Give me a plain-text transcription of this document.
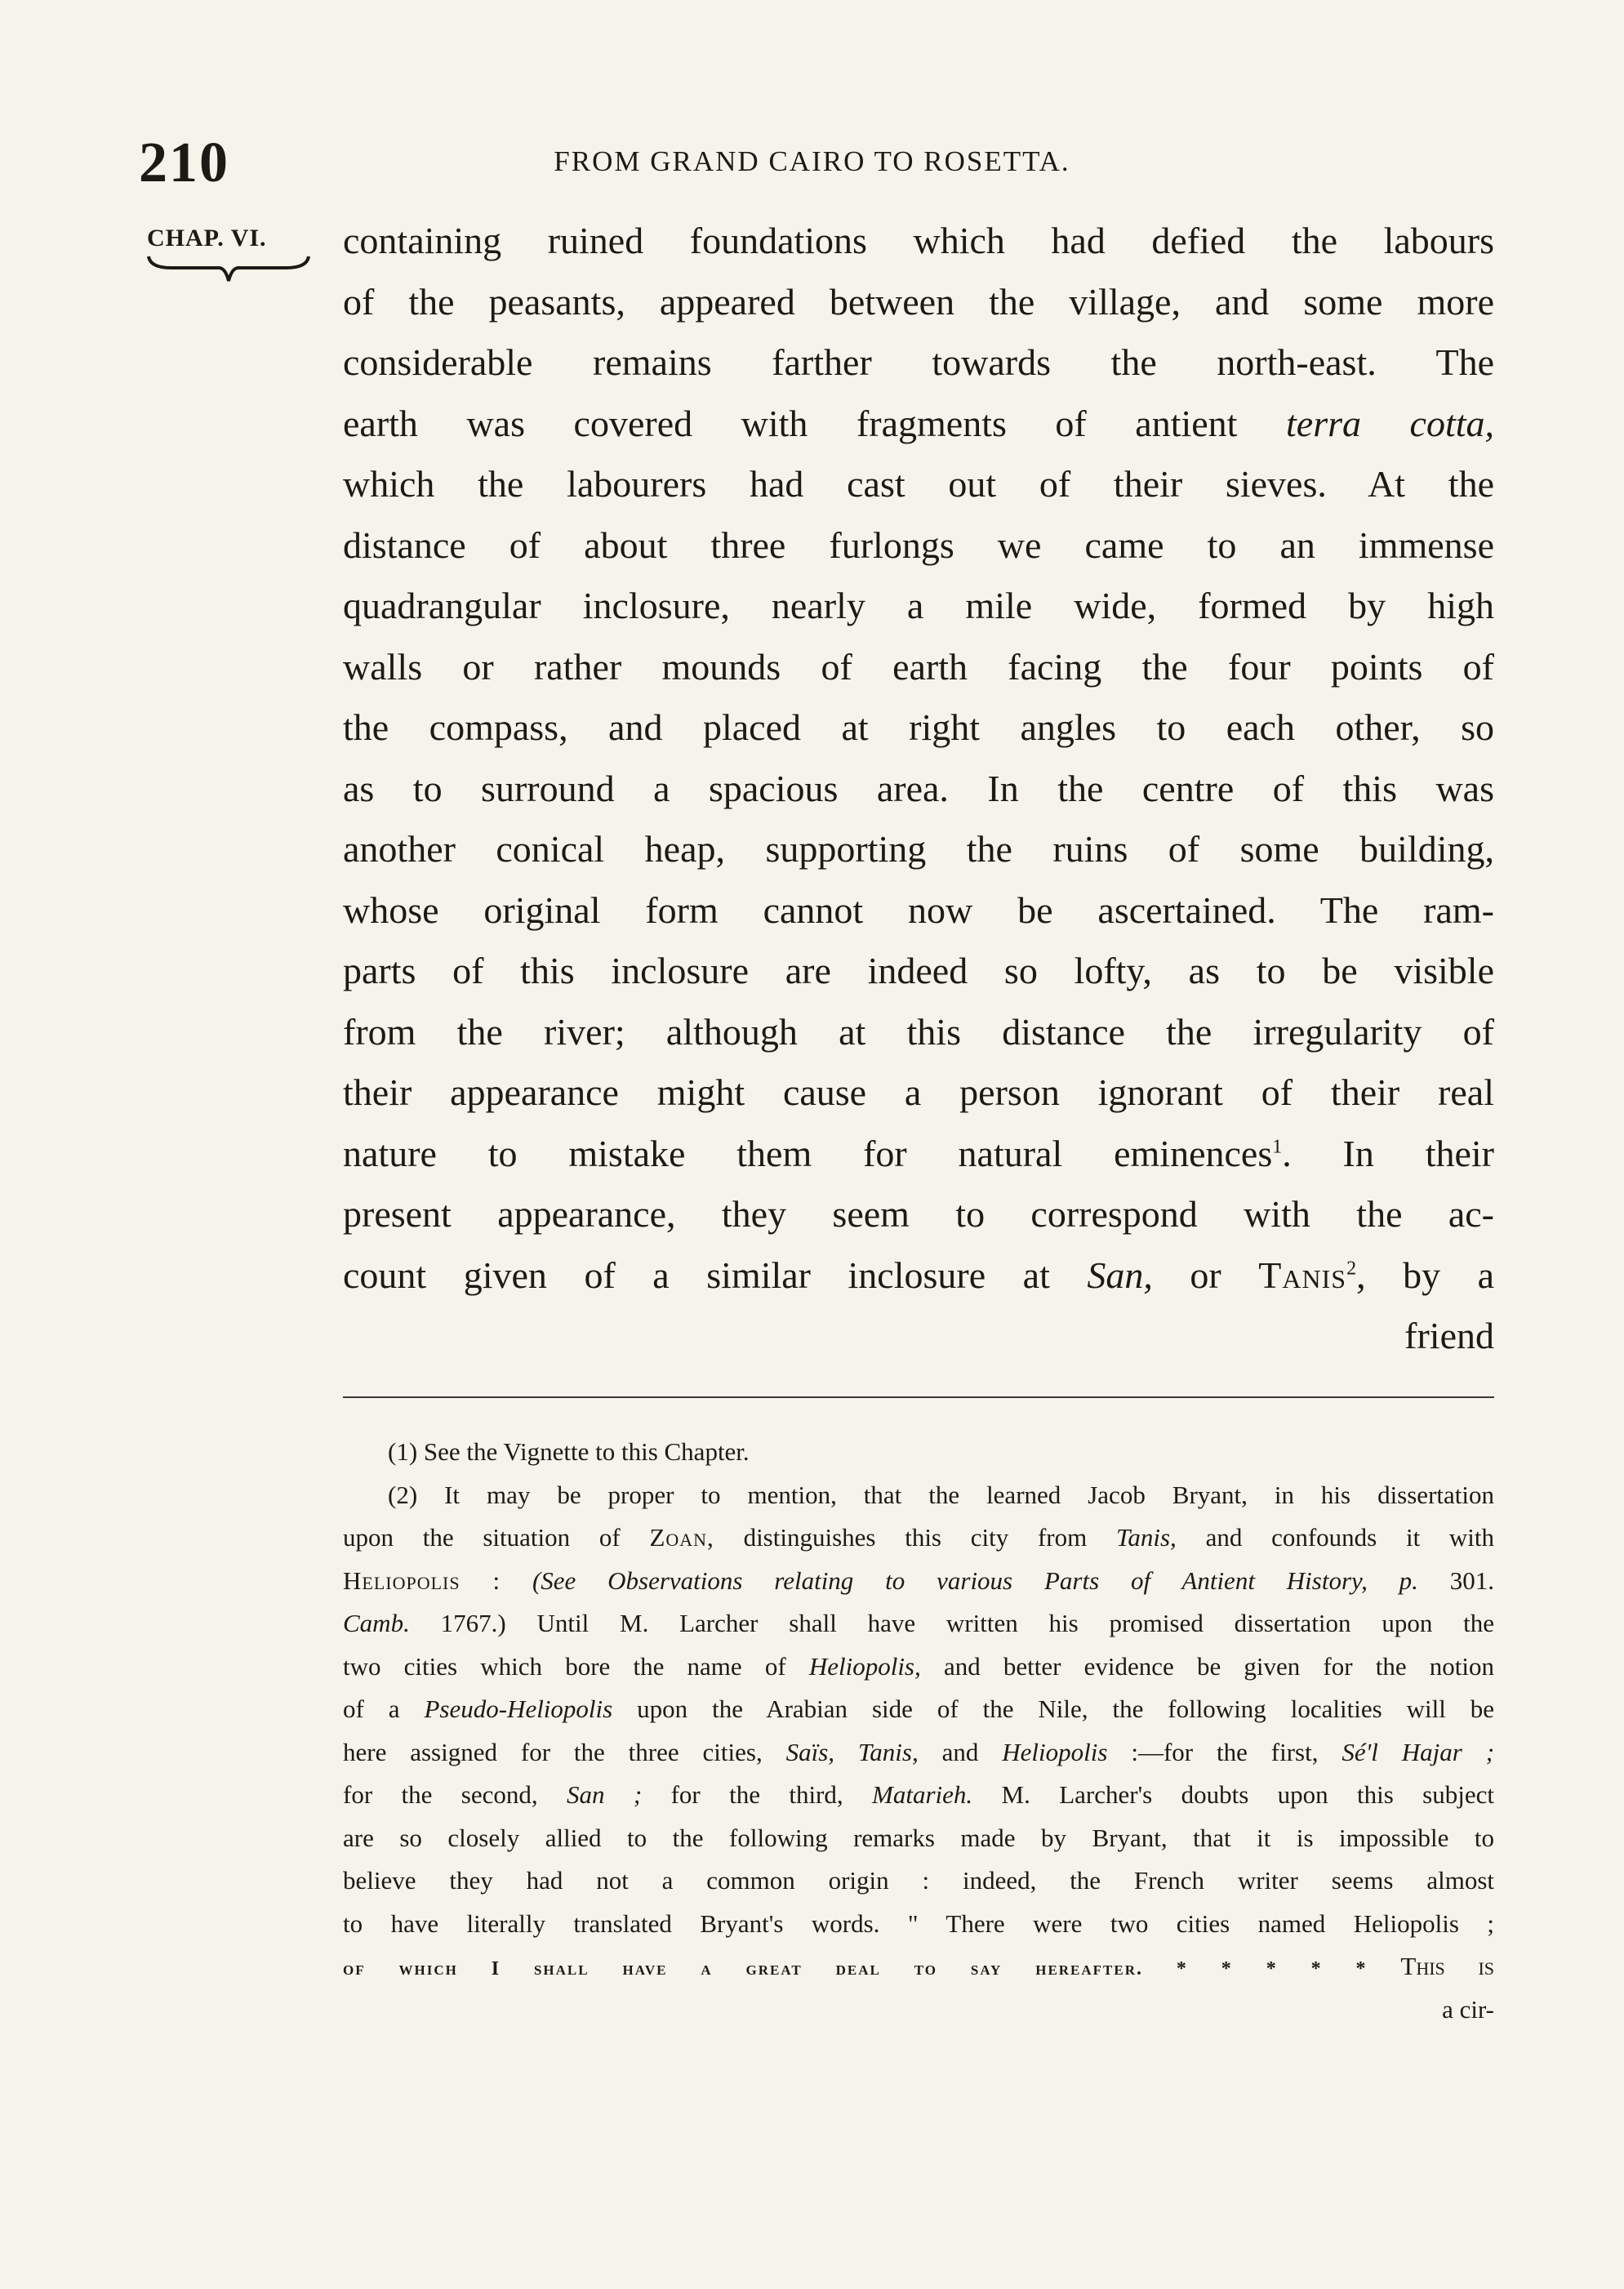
210	FROM GRAND CAIRO TO ROSETTA.
CHAP. VI.	containing ruined foundations which had defied the labours
of the peasants, appeared between the village, and some more
considerable remains farther towards the north-east. The
earth was covered with fragments of antient terra cotta,
which the labourers had cast out of their sieves. At the
distance of about three furlongs we came to an immense
quadrangular inclosure, nearly a mile wide, formed by high
walls or rather mounds of earth facing the four points of
the compass, and placed at right angles to each other, so
as to surround a spacious area. In the centre of this was
another conical heap, supporting the ruins of some building,
whose original form cannot now be ascertained. The ram-
parts of this inclosure are indeed so lofty, as to be visible
from the river; although at this distance the irregularity of
their appearance might cause a person ignorant of their real
nature to mistake them for natural eminences$^1$. In their
present appearance, they seem to correspond with the ac-
count given of a similar inclosure at San, or Tanis$^2$, by a
friend
(1) See the Vignette to this Chapter.
(2) It may be proper to mention, that the learned Jacob Bryant, in his dissertation
upon the situation of Zoan, distinguishes this city from Tanis, and confounds it with
Heliopolis : (See Observations relating to various Parts of Antient History, p. 301.
Camb. 1767.) Until M. Larcher shall have written his promised dissertation upon the
two cities which bore the name of Heliopolis, and better evidence be given for the notion
of a Pseudo-Heliopolis upon the Arabian side of the Nile, the following localities will be
here assigned for the three cities, Saïs, Tanis, and Heliopolis :—for the first, Sé'l Hajar ;
for the second, San ; for the third, Matarieh. M. Larcher's doubts upon this subject
are so closely allied to the following remarks made by Bryant, that it is impossible to
believe they had not a common origin : indeed, the French writer seems almost
to have literally translated Bryant's words. " There were two cities named Heliopolis ;
of which I shall have a great deal to say hereafter. * * * * * This is
a cir-
